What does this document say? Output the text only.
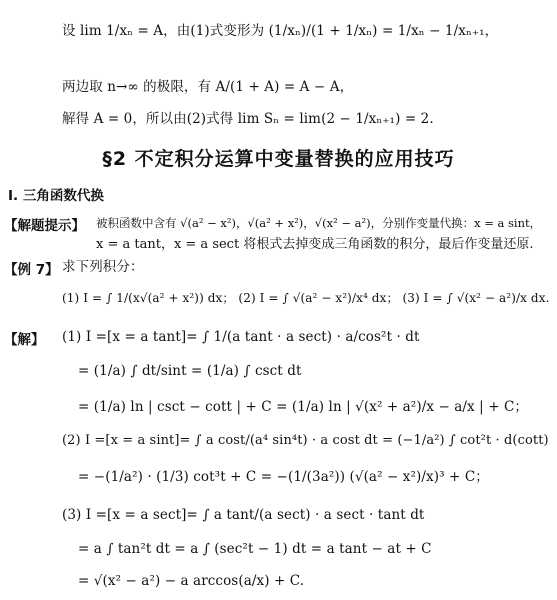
设 lim 1/xₙ = A，由(1)式变形为 (1/xₙ)/(1 + 1/xₙ) = 1/xₙ − 1/xₙ₊₁，
两边取 n→∞ 的极限，有 A/(1 + A) = A − A，
解得 A = 0，所以由(2)式得 lim Sₙ = lim(2 − 1/xₙ₊₁) = 2.
§2 不定积分运算中变量替换的应用技巧
Ⅰ. 三角函数代换
【解题提示】 被积函数中含有 √(a² − x²)，√(a² + x²)，√(x² − a²)，分别作变量代换：x = a sint，
x = a tant，x = a sect 将根式去掉变成三角函数的积分，最后作变量还原.
【例 7】 求下列积分：
(1) I = ∫ 1/(x√(a² + x²)) dx； (2) I = ∫ √(a² − x²)/x⁴ dx； (3) I = ∫ √(x² − a²)/x dx.
【解】 (1) I =[x = a tant]= ∫ 1/(a tant · a sect) · a/cos²t · dt
= (1/a) ∫ dt/sint = (1/a) ∫ csct dt
= (1/a) ln | csct − cott | + C = (1/a) ln | √(x² + a²)/x − a/x | + C；
(2) I =[x = a sint]= ∫ a cost/(a⁴ sin⁴t) · a cost dt = (−1/a²) ∫ cot²t · d(cott)
= −(1/a²) · (1/3) cot³t + C = −(1/(3a²)) (√(a² − x²)/x)³ + C；
(3) I =[x = a sect]= ∫ a tant/(a sect) · a sect · tant dt
= a ∫ tan²t dt = a ∫ (sec²t − 1) dt = a tant − at + C
= √(x² − a²) − a arccos(a/x) + C.
